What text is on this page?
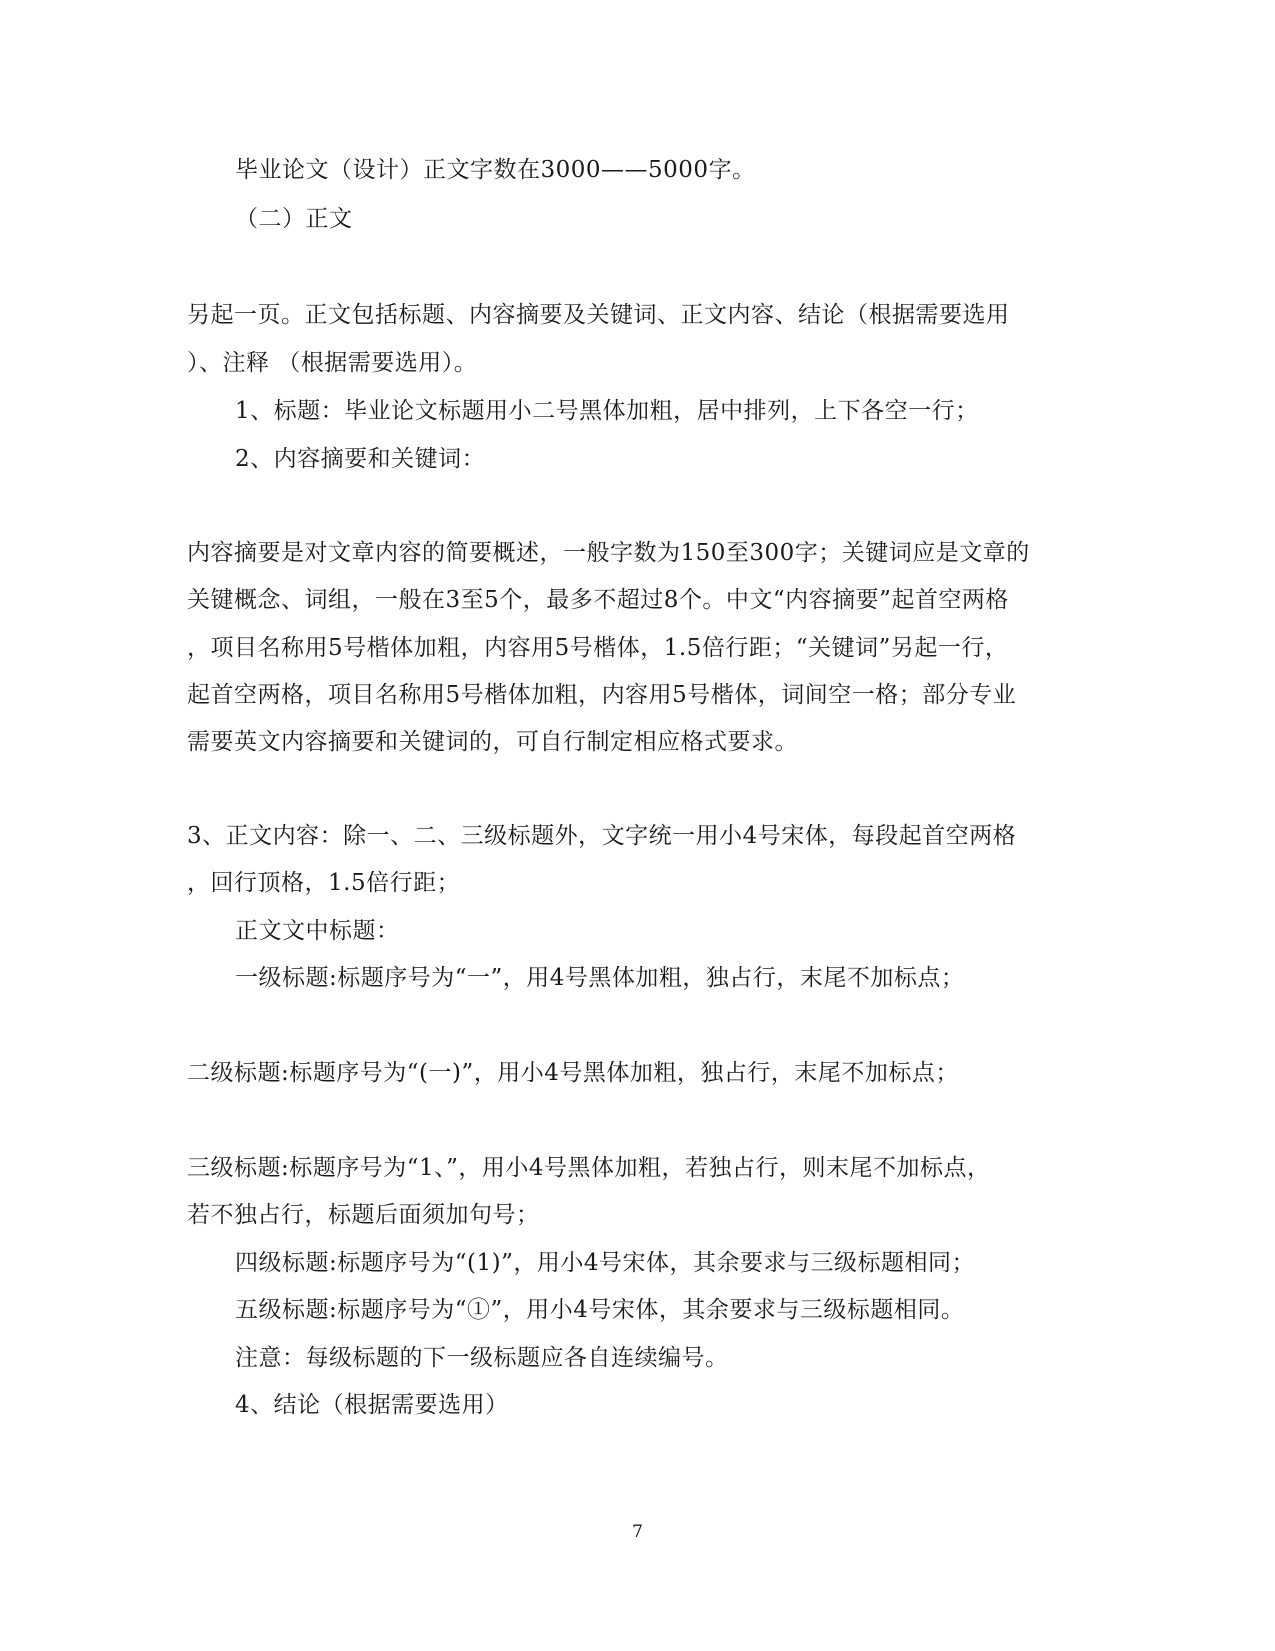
毕业论文（设计）正文字数在3000——5000字。
（二）正文
另起一页。正文包括标题、内容摘要及关键词、正文内容、结论（根据需要选用
）、注释 （根据需要选用）。
1、标题：毕业论文标题用小二号黑体加粗，居中排列，上下各空一行；
2、内容摘要和关键词：
内容摘要是对文章内容的简要概述，一般字数为150至300字；关键词应是文章的
关键概念、词组，一般在3至5个，最多不超过8个。中文“内容摘要”起首空两格
，项目名称用5号楷体加粗，内容用5号楷体，1.5倍行距；“关键词”另起一行，
起首空两格，项目名称用5号楷体加粗，内容用5号楷体，词间空一格；部分专业
需要英文内容摘要和关键词的，可自行制定相应格式要求。
3、正文内容：除一、二、三级标题外，文字统一用小4号宋体，每段起首空两格
，回行顶格，1.5倍行距；
正文文中标题：
一级标题:标题序号为“一”，用4号黑体加粗，独占行，末尾不加标点；
二级标题:标题序号为“(一)”，用小4号黑体加粗，独占行，末尾不加标点；
三级标题:标题序号为“1、”，用小4号黑体加粗，若独占行，则末尾不加标点，
若不独占行，标题后面须加句号；
四级标题:标题序号为“(1)”，用小4号宋体，其余要求与三级标题相同；
五级标题:标题序号为“①”，用小4号宋体，其余要求与三级标题相同。
注意：每级标题的下一级标题应各自连续编号。
4、结论（根据需要选用）
7
